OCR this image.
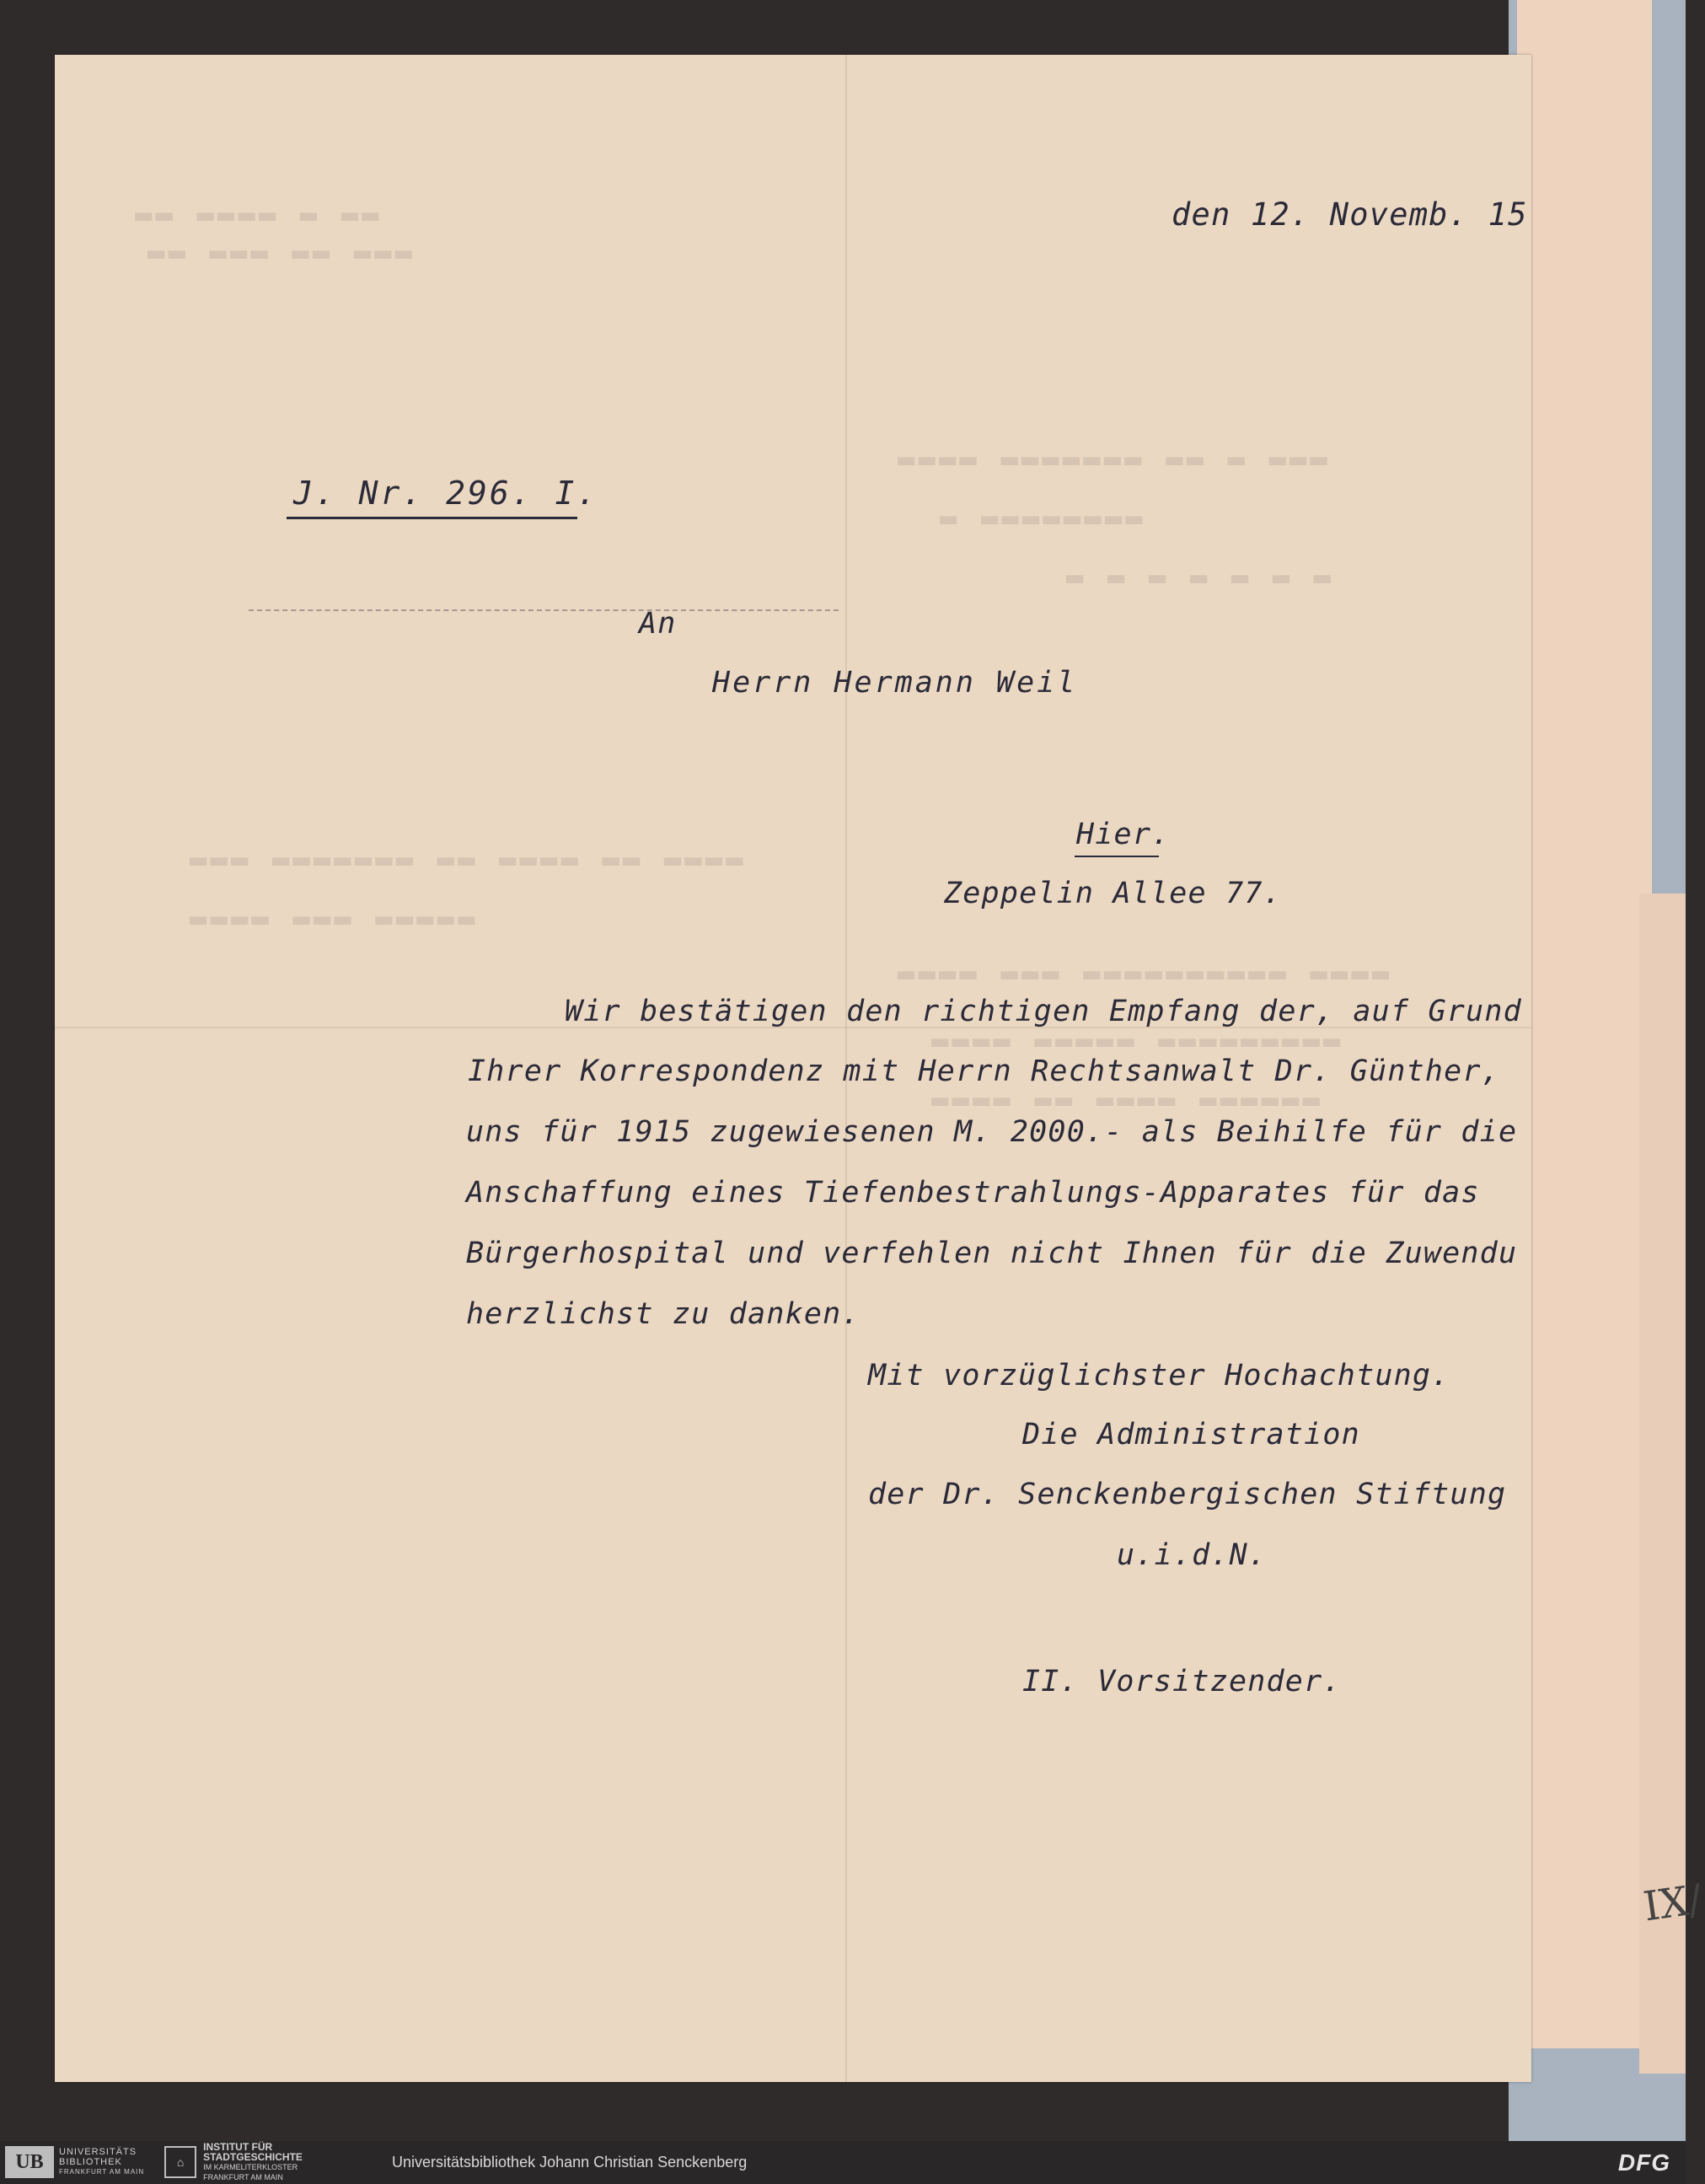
IX/
▬▬ ▬▬▬▬ ▬ ▬▬
▬▬ ▬▬▬ ▬▬ ▬▬▬
▬▬▬▬ ▬▬▬▬▬▬▬ ▬▬ ▬ ▬▬▬
▬ ▬▬▬▬▬▬▬▬
▬ ▬ ▬ ▬ ▬ ▬ ▬
▬▬▬ ▬▬▬▬▬▬▬ ▬▬ ▬▬▬▬ ▬▬ ▬▬▬▬
▬▬▬▬ ▬▬▬ ▬▬▬▬▬
▬▬▬▬ ▬▬▬ ▬▬▬▬▬▬▬▬▬▬ ▬▬▬▬
▬▬▬▬ ▬▬▬▬▬ ▬▬▬▬▬▬▬▬▬
▬▬▬▬ ▬▬ ▬▬▬▬ ▬▬▬▬▬▬
den 12. Novemb. 15
J. Nr. 296. I.
An
Herrn Hermann Weil
Hier.
Zeppelin Allee 77.
Wir bestätigen den richtigen Empfang der, auf Grund
Ihrer Korrespondenz mit Herrn Rechtsanwalt Dr. Günther,
uns für 1915 zugewiesenen M. 2000.- als Beihilfe für die
Anschaffung eines Tiefenbestrahlungs-Apparates für das
Bürgerhospital und verfehlen nicht Ihnen für die Zuwendu
herzlichst zu danken.
Mit vorzüglichster Hochachtung.
Die Administration
der Dr. Senckenbergischen Stiftung
u.i.d.N.
II. Vorsitzender.
UB	UNIVERSITÄTS
BIBLIOTHEK
FRANKFURT AM MAIN
⌂
INSTITUT FÜR
STADTGESCHICHTE
IM KARMELITERKLOSTER
FRANKFURT AM MAIN
Universitätsbibliothek Johann Christian Senckenberg	DFG
